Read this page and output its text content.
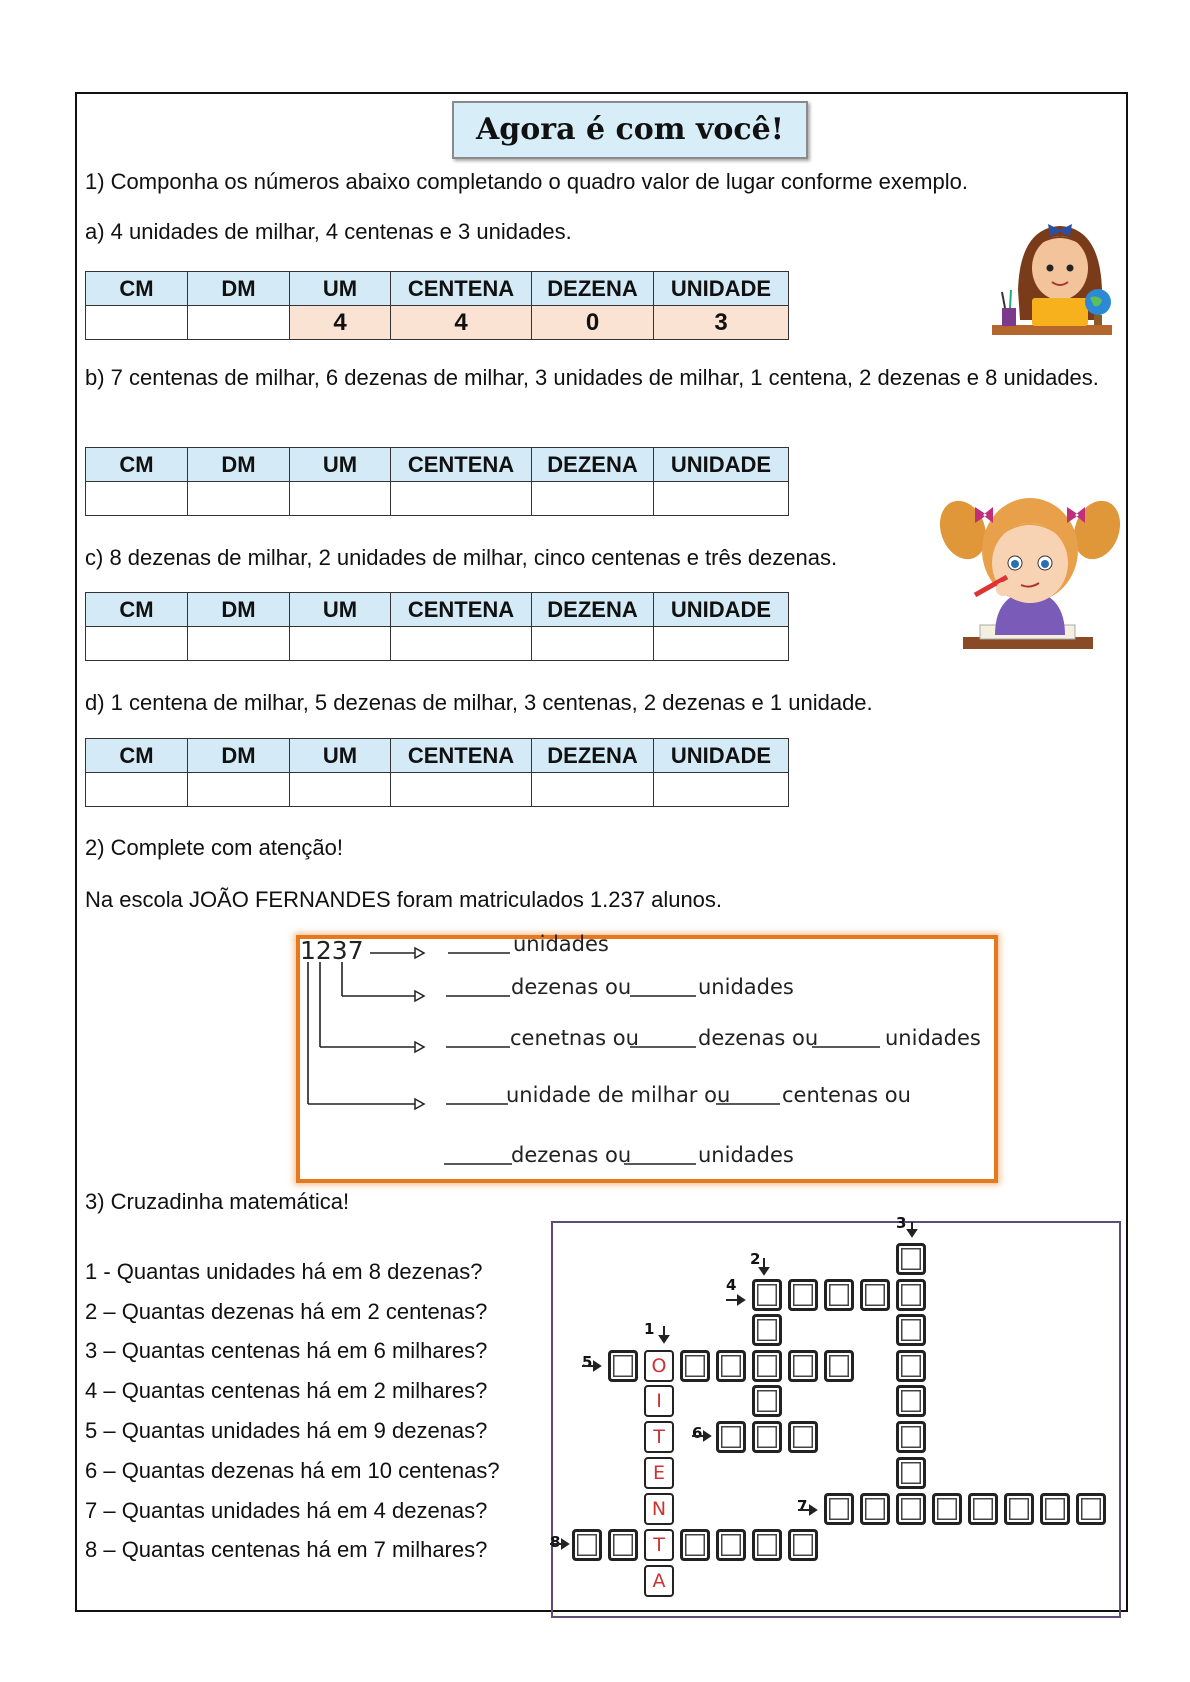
Agora é com você!
1) Componha os números abaixo completando o quadro valor de lugar conforme exemplo.
a) 4 unidades de milhar, 4 centenas e 3 unidades.
CM	DM	UM	CENTENA	DEZENA	UNIDADE
		4	4	0	3
b) 7 centenas de milhar, 6 dezenas de milhar, 3 unidades de milhar, 1 centena, 2 dezenas e 8 unidades.
CM	DM	UM	CENTENA	DEZENA	UNIDADE

c) 8 dezenas de milhar, 2 unidades de milhar, cinco centenas e três dezenas.
CM	DM	UM	CENTENA	DEZENA	UNIDADE

d) 1 centena de milhar, 5 dezenas de milhar, 3 centenas, 2 dezenas e 1 unidade.
CM	DM	UM	CENTENA	DEZENA	UNIDADE

2) Complete com atenção!
Na escola JOÃO FERNANDES foram matriculados 1.237 alunos.
1237	unidades
dezenas ou	unidades
cenetnas ou	dezenas ou	unidades
unidade de milhar ou centenas ou
dezenas ou	unidades
3) Cruzadinha matemática!
1 - Quantas unidades há em 8 dezenas?
2 – Quantas dezenas há em 2 centenas?
3 – Quantas centenas há em 6 milhares?
4 – Quantas centenas há em 2 milhares?
5 – Quantas unidades há em 9 dezenas?
6 – Quantas dezenas há em 10 centenas?
7 – Quantas unidades há em 4 dezenas?
8 – Quantas centenas há em 7 milhares?
3
2
4
1
5
6
7
8
O
I
T
E
N
T
A
